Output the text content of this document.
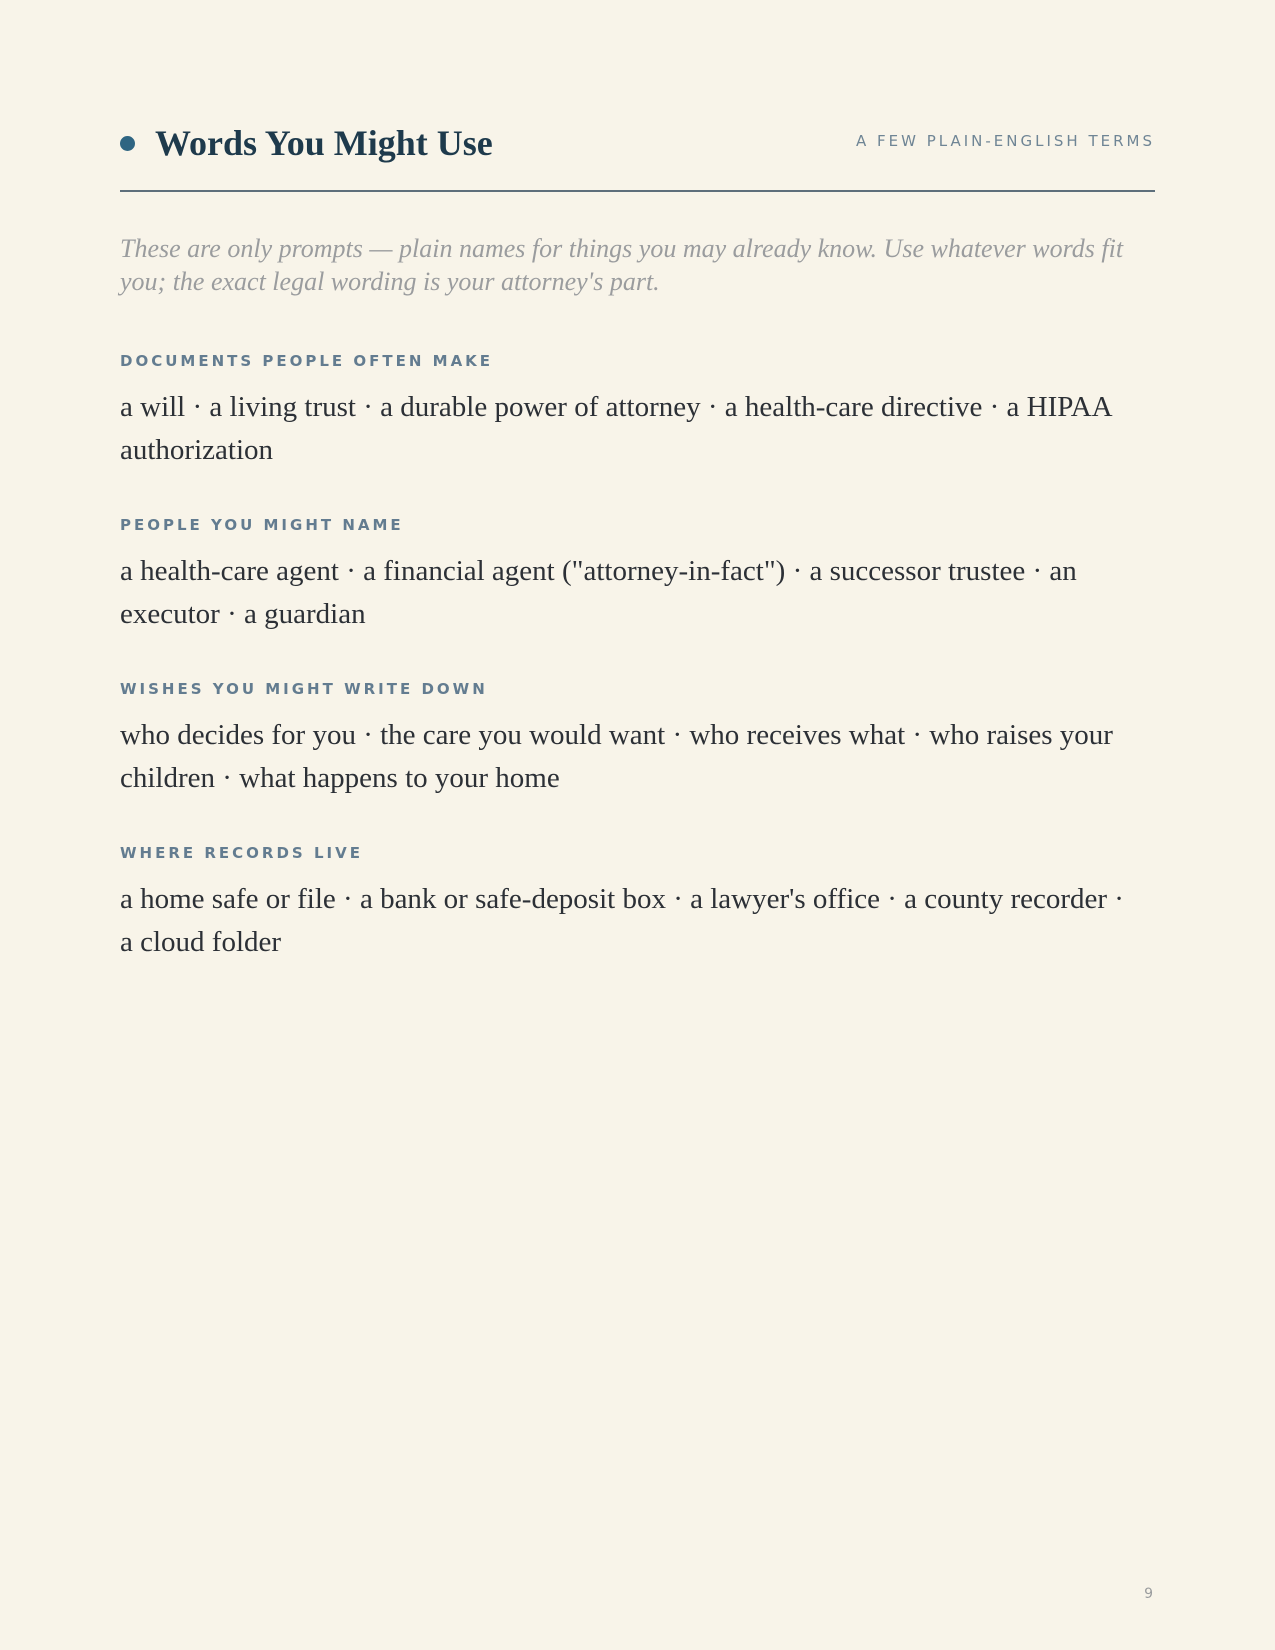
Words You Might Use	A FEW PLAIN-ENGLISH TERMS
These are only prompts — plain names for things you may already know. Use whatever words fit you; the exact legal wording is your attorney's part.
DOCUMENTS PEOPLE OFTEN MAKE
a will · a living trust · a durable power of attorney · a health-care directive · a HIPAA authorization
PEOPLE YOU MIGHT NAME
a health-care agent · a financial agent ("attorney-in-fact") · a successor trustee · an executor · a guardian
WISHES YOU MIGHT WRITE DOWN
who decides for you · the care you would want · who receives what · who raises your children · what happens to your home
WHERE RECORDS LIVE
a home safe or file · a bank or safe-deposit box · a lawyer's office · a county recorder · a cloud folder
9
